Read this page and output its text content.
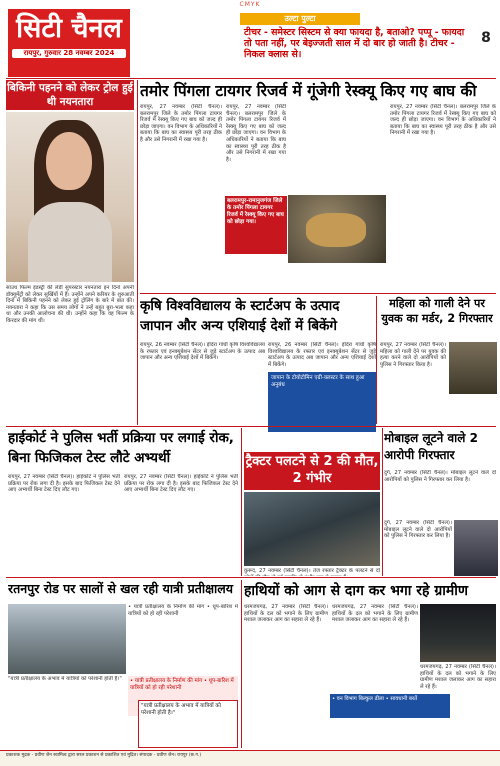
CMYK
सिटी चैनल
रायपुर, गुरुवार 28 नवम्बर 2024
उल्टा पुल्टा
टीचर - समेस्टर सिस्टम से क्या फायदा है, बताओ? पप्पू - फायदा तो पता नहीं, पर बेइज्जती साल में दो बार हो जाती है। टीचर - निकल क्लास से।
8
बिकिनी पहनने को लेकर ट्रोल हुई थी नयनतारा
साउथ फिल्म इंडस्ट्री की लेडी सुपरस्टार नयनतारा इन दिनों अपनी डॉक्यूमेंट्री को लेकर सुर्खियों में हैं। उन्होंने अपने करियर के शुरुआती दिनों में बिकिनी पहनने को लेकर हुई ट्रोलिंग के बारे में बात की। नयनतारा ने कहा कि उस समय लोगों ने उन्हें बहुत बुरा-भला कहा था और उनकी आलोचना की थी। उन्होंने कहा कि वह फिल्म के किरदार की मांग थी।
तमोर पिंगला टायगर रिजर्व में गूंजेगी रेस्क्यू किए गए बाघ की
रायपुर, 27 नवम्बर (सिटी चैनल)। बलरामपुर जिले के तमोर पिंगला टायगर रिजर्व में रेस्क्यू किए गए बाघ को जल्द ही छोड़ा जाएगा। वन विभाग के अधिकारियों ने बताया कि बाघ का स्वास्थ्य पूरी तरह ठीक है और उसे निगरानी में रखा गया है।
रायपुर, 27 नवम्बर (सिटी चैनल)। बलरामपुर जिले के तमोर पिंगला टायगर रिजर्व में रेस्क्यू किए गए बाघ को जल्द ही छोड़ा जाएगा। वन विभाग के अधिकारियों ने बताया कि बाघ का स्वास्थ्य पूरी तरह ठीक है और उसे निगरानी में रखा गया है।
बलरामपुर-रामानुजगंज जिले के तमोर पिंगला टायगर रिजर्व में रेस्क्यू किए गए बाघ को छोड़ा गया।
रायपुर, 27 नवम्बर (सिटी चैनल)। बलरामपुर जिले के तमोर पिंगला टायगर रिजर्व में रेस्क्यू किए गए बाघ को जल्द ही छोड़ा जाएगा। वन विभाग के अधिकारियों ने बताया कि बाघ का स्वास्थ्य पूरी तरह ठीक है और उसे निगरानी में रखा गया है।
कृषि विश्वविद्यालय के स्टार्टअप के उत्पाद जापान और अन्य एशियाई देशों में बिकेंगे
रायपुर, 26 नवम्बर (सिटी चैनल)। इंदिरा गांधी कृषि विश्वविद्यालय के रफ्तार एवं इनक्यूबेशन सेंटर से जुड़े स्टार्टअप के उत्पाद अब जापान और अन्य एशियाई देशों में बिकेंगे।
रायपुर, 26 नवम्बर (सिटी चैनल)। इंदिरा गांधी कृषि विश्वविद्यालय के रफ्तार एवं इनक्यूबेशन सेंटर से जुड़े स्टार्टअप के उत्पाद अब जापान और अन्य एशियाई देशों में बिकेंगे।
जापान के टोयोटोमिन एग्री-क्लस्टर के साथ हुआ अनुबंध
महिला को गाली देने पर युवक का मर्डर, 2 गिरफ्तार
रायपुर, 27 नवम्बर (सिटी चैनल)। महिला को गाली देने पर युवक की हत्या करने वाले दो आरोपियों को पुलिस ने गिरफ्तार किया है।
हाईकोर्ट ने पुलिस भर्ती प्रक्रिया पर लगाई रोक, बिना फिजिकल टेस्ट लौटे अभ्यर्थी
रायपुर, 27 नवम्बर (सिटी चैनल)। हाईकोर्ट ने पुलिस भर्ती प्रक्रिया पर रोक लगा दी है। इसके बाद फिजिकल टेस्ट देने आए अभ्यर्थी बिना टेस्ट दिए लौट गए।
रायपुर, 27 नवम्बर (सिटी चैनल)। हाईकोर्ट ने पुलिस भर्ती प्रक्रिया पर रोक लगा दी है। इसके बाद फिजिकल टेस्ट देने आए अभ्यर्थी बिना टेस्ट दिए लौट गए।
ट्रैक्टर पलटने से 2 की मौत, 2 गंभीर
कुरूद, 27 नवम्बर (सिटी चैनल)। तेज रफ्तार ट्रैक्टर के पलटने से दो
मोबाइल लूटने वाले 2 आरोपी गिरफ्तार
दुर्ग, 27 नवम्बर (सिटी चैनल)। मोबाइल लूटने वाले दो आरोपियों को पुलिस ने गिरफ्तार कर लिया है।
दुर्ग, 27 नवम्बर (सिटी चैनल)। मोबाइल लूटने वाले दो आरोपियों को पुलिस ने गिरफ्तार कर लिया है।
रतनपुर रोड पर सालों से खल रही यात्री प्रतीक्षालय
• यात्री प्रतीक्षालय के निर्माण की मांग • धूप-बारिश में यात्रियों को हो रही परेशानी
• यात्री प्रतीक्षालय के निर्माण की मांग • धूप-बारिश में यात्रियों को हो रही परेशानी
"यात्री प्रतीक्षालय के अभाव में यात्रियों को परेशानी होती है।"
"यात्री प्रतीक्षालय के अभाव में यात्रियों को परेशानी होती है।"
हाथियों को आग से दाग कर भगा रहे ग्रामीण
धरमजयगढ़, 27 नवम्बर (सिटी चैनल)। हाथियों के दल को भगाने के लिए ग्रामीण मशाल जलाकर आग का सहारा ले रहे हैं।
धरमजयगढ़, 27 नवम्बर (सिटी चैनल)। हाथियों के दल को भगाने के लिए ग्रामीण मशाल जलाकर आग का सहारा ले रहे हैं।
• वन विभाग बिल्कुल ढीला • सावधानी बरतें
धरमजयगढ़, 27 नवम्बर (सिटी चैनल)। हाथियों के दल को भगाने के लिए ग्रामीण मशाल जलाकर आग का सहारा ले रहे हैं।
प्रकाशक मुद्रक - प्रवीण जैन स्वामित्व द्वारा सरल प्रकाशन से प्रकाशित एवं मुद्रित। संपादक - प्रवीण जैन। रायपुर (छ.ग.)
